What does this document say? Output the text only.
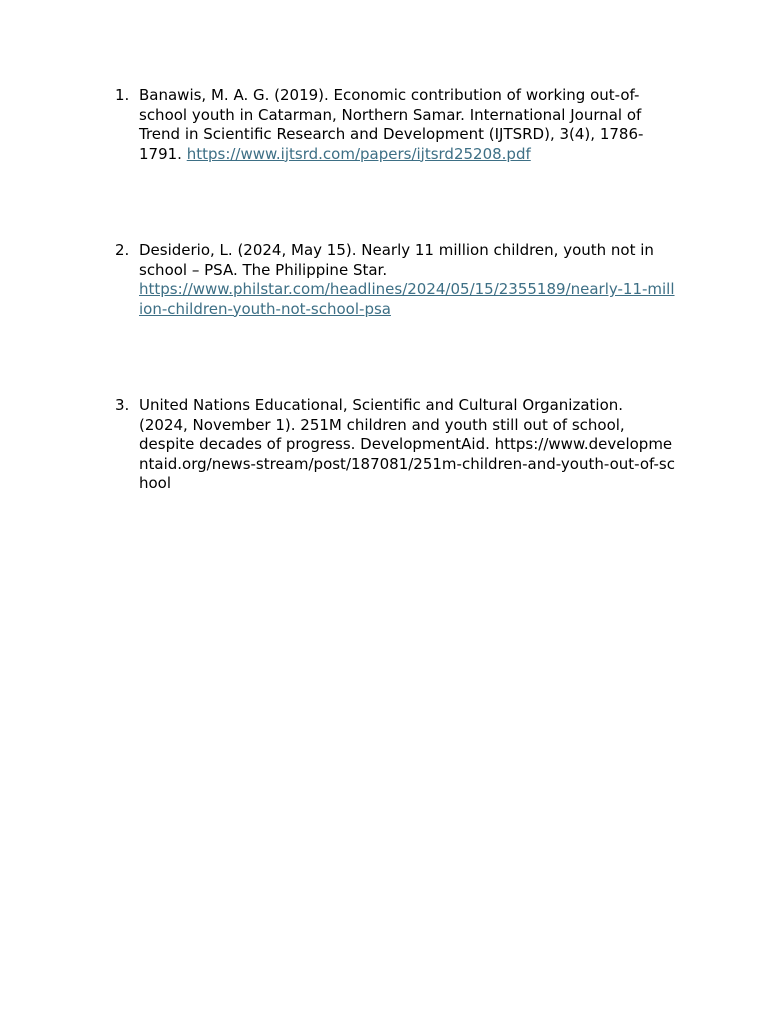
1. Banawis, M. A. G. (2019). Economic contribution of working out-of-school youth in Catarman, Northern Samar. International Journal of Trend in Scientific Research and Development (IJTSRD), 3(4), 1786-1791. https://www.ijtsrd.com/papers/ijtsrd25208.pdf
2. Desiderio, L. (2024, May 15). Nearly 11 million children, youth not in school – PSA. The Philippine Star.
https://www.philstar.com/headlines/2024/05/15/2355189/nearly-11-million-children-youth-not-school-psa
3. United Nations Educational, Scientific and Cultural Organization. (2024, November 1). 251M children and youth still out of school, despite decades of progress. DevelopmentAid. https://www.developmentaid.org/news-stream/post/187081/251m-children-and-youth-out-of-school
